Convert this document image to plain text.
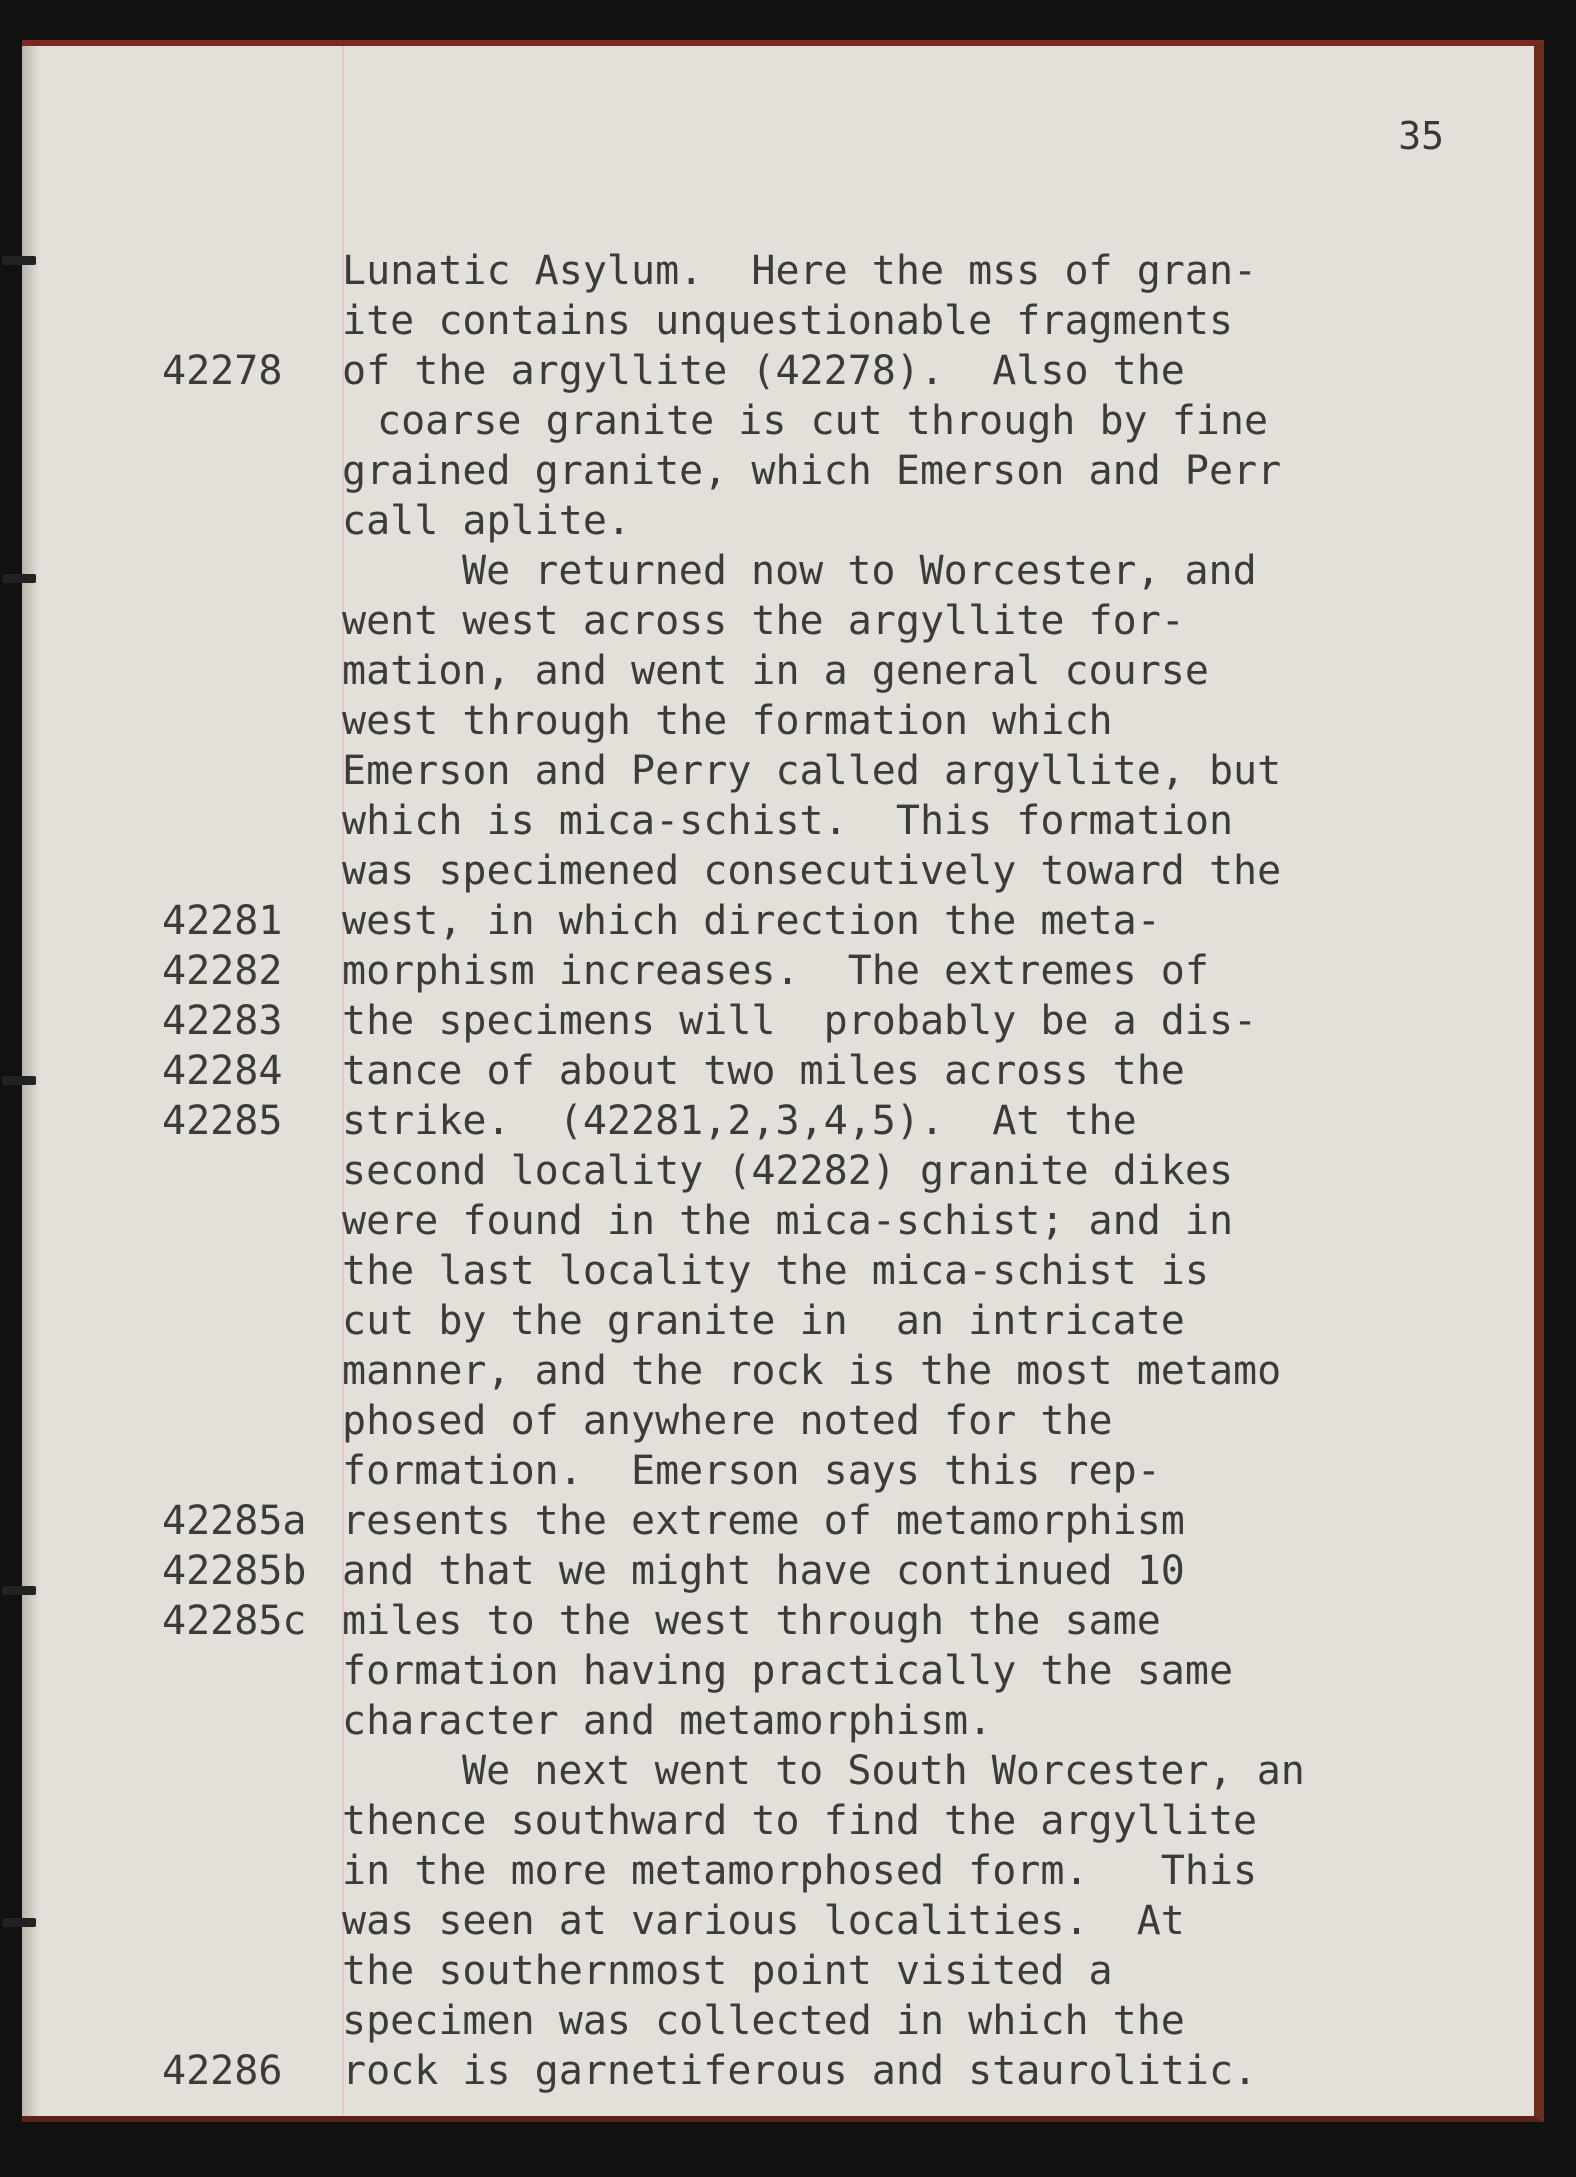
35
Lunatic Asylum.  Here the mss of gran-
ite contains unquestionable fragments
42278 of the argyllite (42278).  Also the
coarse granite is cut through by fine
grained granite, which Emerson and Perr
call aplite.
We returned now to Worcester, and
went west across the argyllite for-
mation, and went in a general course
west through the formation which
Emerson and Perry called argyllite, but
which is mica-schist.  This formation
was specimened consecutively toward the
42281 west, in which direction the meta-
42282 morphism increases.  The extremes of
42283 the specimens will  probably be a dis-
42284 tance of about two miles across the
42285 strike.  (42281,2,3,4,5).  At the
second locality (42282) granite dikes
were found in the mica-schist; and in
the last locality the mica-schist is
cut by the granite in  an intricate
manner, and the rock is the most metamo
phosed of anywhere noted for the
formation.  Emerson says this rep-
42285a resents the extreme of metamorphism
42285b and that we might have continued 10
42285c miles to the west through the same
formation having practically the same
character and metamorphism.
We next went to South Worcester, an
thence southward to find the argyllite
in the more metamorphosed form.   This
was seen at various localities.  At
the southernmost point visited a
specimen was collected in which the
42286 rock is garnetiferous and staurolitic.
